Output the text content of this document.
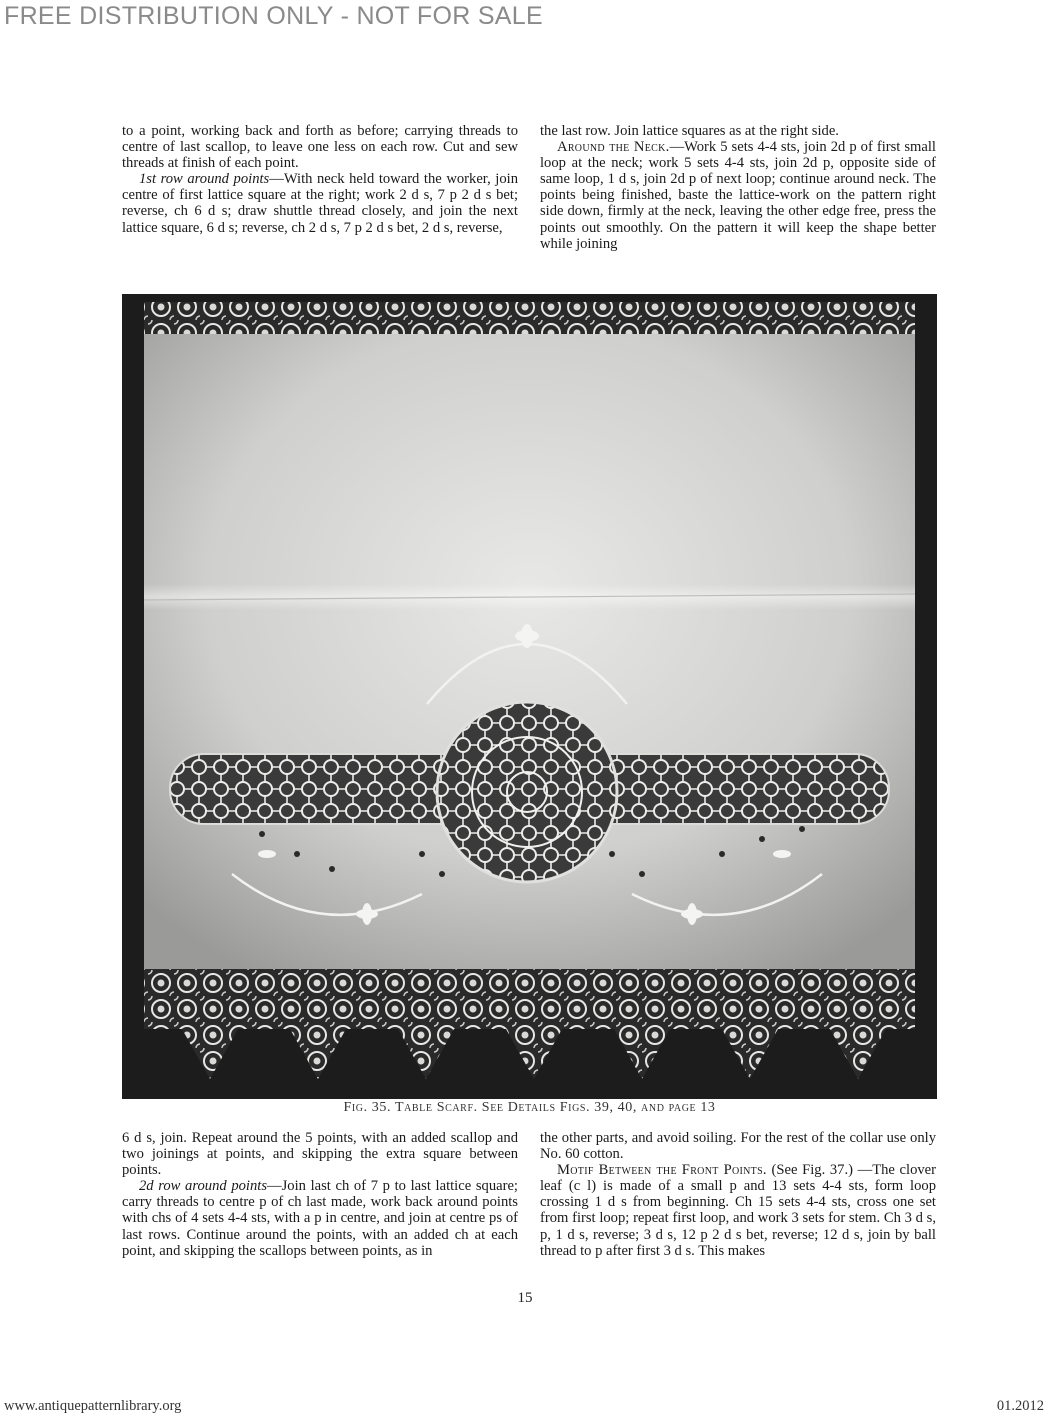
FREE DISTRIBUTION ONLY - NOT FOR SALE

to a point, working back and forth as before; carrying threads to centre of last scallop, to leave one less on each row. Cut and sew threads at finish of each point.

1st row around points—With neck held toward the worker, join centre of first lattice square at the right; work 2 d s, 7 p 2 d s bet; reverse, ch 6 d s; draw shuttle thread closely, and join the next lattice square, 6 d s; reverse, ch 2 d s, 7 p 2 d s bet, 2 d s, reverse,

the last row. Join lattice squares as at the right side.

Around the Neck.—Work 5 sets 4-4 sts, join 2d p of first small loop at the neck; work 5 sets 4-4 sts, join 2d p, opposite side of same loop, 1 d s, join 2d p of next loop; continue around neck. The points being finished, baste the lattice-work on the pattern right side down, firmly at the neck, leaving the other edge free, press the points out smoothly. On the pattern it will keep the shape better while joining

Fig. 35. Table Scarf. See Details Figs. 39, 40, and page 13

6 d s, join. Repeat around the 5 points, with an added scallop and two joinings at points, and skipping the extra square between points.

2d row around points—Join last ch of 7 p to last lattice square; carry threads to centre p of ch last made, work back around points with chs of 4 sets 4-4 sts, with a p in centre, and join at centre ps of last rows. Continue around the points, with an added ch at each point, and skipping the scallops between points, as in

the other parts, and avoid soiling. For the rest of the collar use only No. 60 cotton.

Motif Between the Front Points. (See Fig. 37.) —The clover leaf (c l) is made of a small p and 13 sets 4-4 sts, form loop crossing 1 d s from beginning. Ch 15 sets 4-4 sts, cross one set from first loop; repeat first loop, and work 3 sets for stem. Ch 3 d s, p, 1 d s, reverse; 3 d s, 12 p 2 d s bet, reverse; 12 d s, join by ball thread to p after first 3 d s. This makes

15
www.antiquepatternlibrary.org	01.2012
